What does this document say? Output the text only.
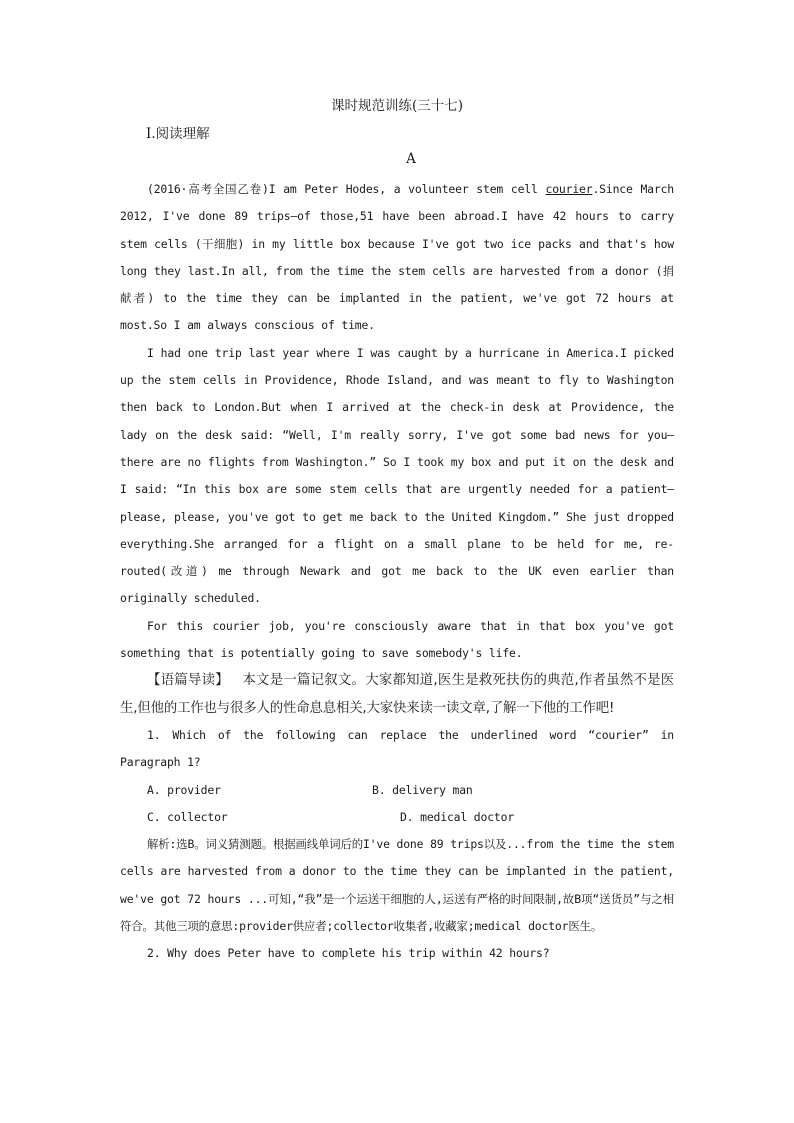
课时规范训练(三十七)
Ⅰ.阅读理解
A

(2016·高考全国乙卷)I am Peter Hodes, a volunteer stem cell courier.Since March 2012, I've done 89 trips—of those,51 have been abroad.I have 42 hours to carry stem cells (干细胞) in my little box because I've got two ice packs and that's how long they last.In all, from the time the stem cells are harvested from a donor (捐献者) to the time they can be implanted in the patient, we've got 72 hours at most.So I am always conscious of time.

I had one trip last year where I was caught by a hurricane in America.I picked up the stem cells in Providence, Rhode Island, and was meant to fly to Washington then back to London.But when I arrived at the check-in desk at Providence, the lady on the desk said: “Well, I'm really sorry, I've got some bad news for you—there are no flights from Washington.” So I took my box and put it on the desk and I said: “In this box are some stem cells that are urgently needed for a patient—please, please, you've got to get me back to the United Kingdom.” She just dropped everything.She arranged for a flight on a small plane to be held for me, re-routed(改道) me through Newark and got me back to the UK even earlier than originally scheduled.

For this courier job, you're consciously aware that in that box you've got something that is potentially going to save somebody's life.

【语篇导读】 本文是一篇记叙文。大家都知道,医生是救死扶伤的典范,作者虽然不是医生,但他的工作也与很多人的性命息息相关,大家快来读一读文章,了解一下他的工作吧!

1. Which of the following can replace the underlined word “courier” in Paragraph 1?

A. provider	B. delivery man
C. collector	D. medical doctor

解析:选B。词义猜测题。根据画线单词后的I've done 89 trips以及...from the time the stem cells are harvested from a donor to the time they can be implanted in the patient, we've got 72 hours ...可知,“我”是一个运送干细胞的人,运送有严格的时间限制,故B项“送货员”与之相符合。其他三项的意思:provider供应者;collector收集者,收藏家;medical doctor医生。

2. Why does Peter have to complete his trip within 42 hours?
